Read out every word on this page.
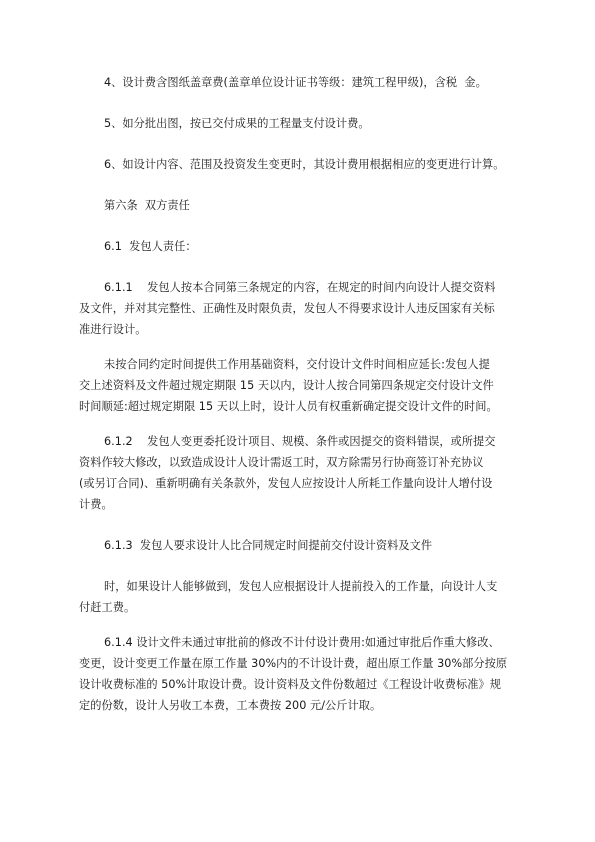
4、设计费含图纸盖章费(盖章单位设计证书等级：建筑工程甲级)，含税  金。
5、如分批出图，按已交付成果的工程量支付设计费。
6、如设计内容、范围及投资发生变更时，其设计费用根据相应的变更进行计算。
第六条  双方责任
6.1  发包人责任：
6.1.1    发包人按本合同第三条规定的内容，在规定的时间内向设计人提交资料
及文件，并对其完整性、正确性及时限负责，发包人不得要求设计人违反国家有关标
准进行设计。
未按合同约定时间提供工作用基础资料，交付设计文件时间相应延长:发包人提
交上述资料及文件超过规定期限 15 天以内，设计人按合同第四条规定交付设计文件
时间顺延:超过规定期限 15 天以上时，设计人员有权重新确定提交设计文件的时间。
6.1.2    发包人变更委托设计项目、规模、条件或因提交的资料错误，或所提交
资料作较大修改，以致造成设计人设计需返工时，双方除需另行协商签订补充协议
(或另订合同)、重新明确有关条款外，发包人应按设计人所耗工作量向设计人增付设
计费。
6.1.3  发包人要求设计人比合同规定时间提前交付设计资料及文件
时，如果设计人能够做到，发包人应根据设计人提前投入的工作量，向设计人支
付赶工费。
6.1.4 设计文件未通过审批前的修改不计付设计费用:如通过审批后作重大修改、
变更，设计变更工作量在原工作量 30%内的不计设计费，超出原工作量 30%部分按原
设计收费标准的 50%计取设计费。设计资料及文件份数超过《工程设计收费标准》规
定的份数，设计人另收工本费，工本费按 200 元/公斤计取。
